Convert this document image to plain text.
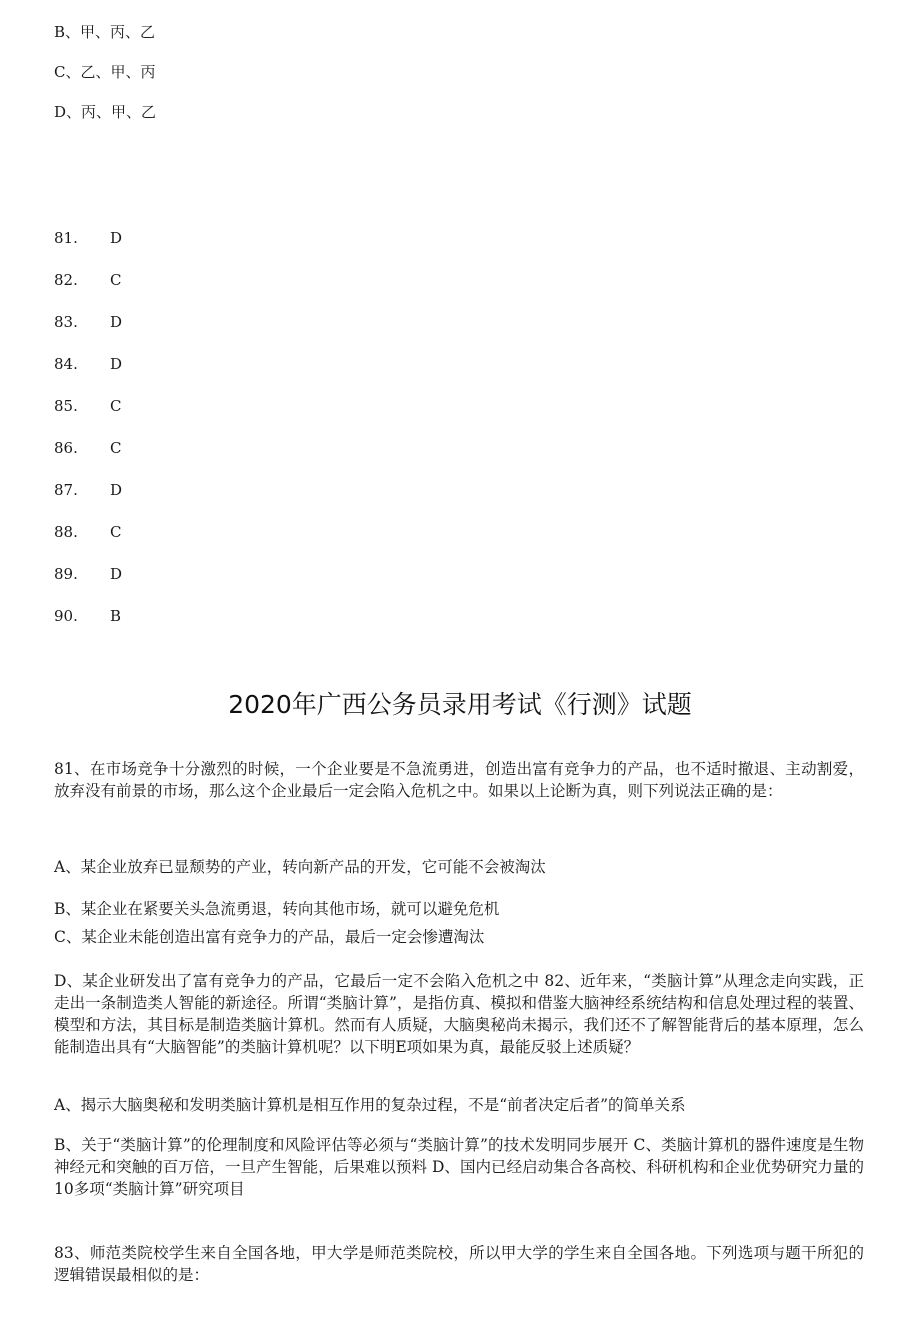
B、甲、丙、乙
C、乙、甲、丙
D、丙、甲、乙
81. D
82. C
83. D
84. D
85. C
86. C
87. D
88. C
89. D
90. B
2020年广西公务员录用考试《行测》试题
81、在市场竞争十分激烈的时候，一个企业要是不急流勇进，创造出富有竞争力的产品，也不适时撤退、主动割爱，放弃没有前景的市场，那么这个企业最后一定会陷入危机之中。如果以上论断为真，则下列说法正确的是：
A、某企业放弃已显颓势的产业，转向新产品的开发，它可能不会被淘汰
B、某企业在紧要关头急流勇退，转向其他市场，就可以避免危机
C、某企业未能创造出富有竞争力的产品，最后一定会惨遭淘汰
D、某企业研发出了富有竞争力的产品，它最后一定不会陷入危机之中 82、近年来，“类脑计算”从理念走向实践，正走出一条制造类人智能的新途径。所谓“类脑计算”，是指仿真、模拟和借鉴大脑神经系统结构和信息处理过程的装置、模型和方法，其目标是制造类脑计算机。然而有人质疑，大脑奥秘尚未揭示，我们还不了解智能背后的基本原理，怎么能制造出具有“大脑智能”的类脑计算机呢？以下明E项如果为真，最能反驳上述质疑？
A、揭示大脑奥秘和发明类脑计算机是相互作用的复杂过程，不是“前者决定后者”的简单关系
B、关于“类脑计算”的伦理制度和风险评估等必须与“类脑计算”的技术发明同步展开 C、类脑计算机的器件速度是生物神经元和突触的百万倍，一旦产生智能，后果难以预料 D、国内已经启动集合各高校、科研机构和企业优势研究力量的10多项“类脑计算”研究项目
83、师范类院校学生来自全国各地，甲大学是师范类院校，所以甲大学的学生来自全国各地。下列选项与题干所犯的逻辑错误最相似的是：
